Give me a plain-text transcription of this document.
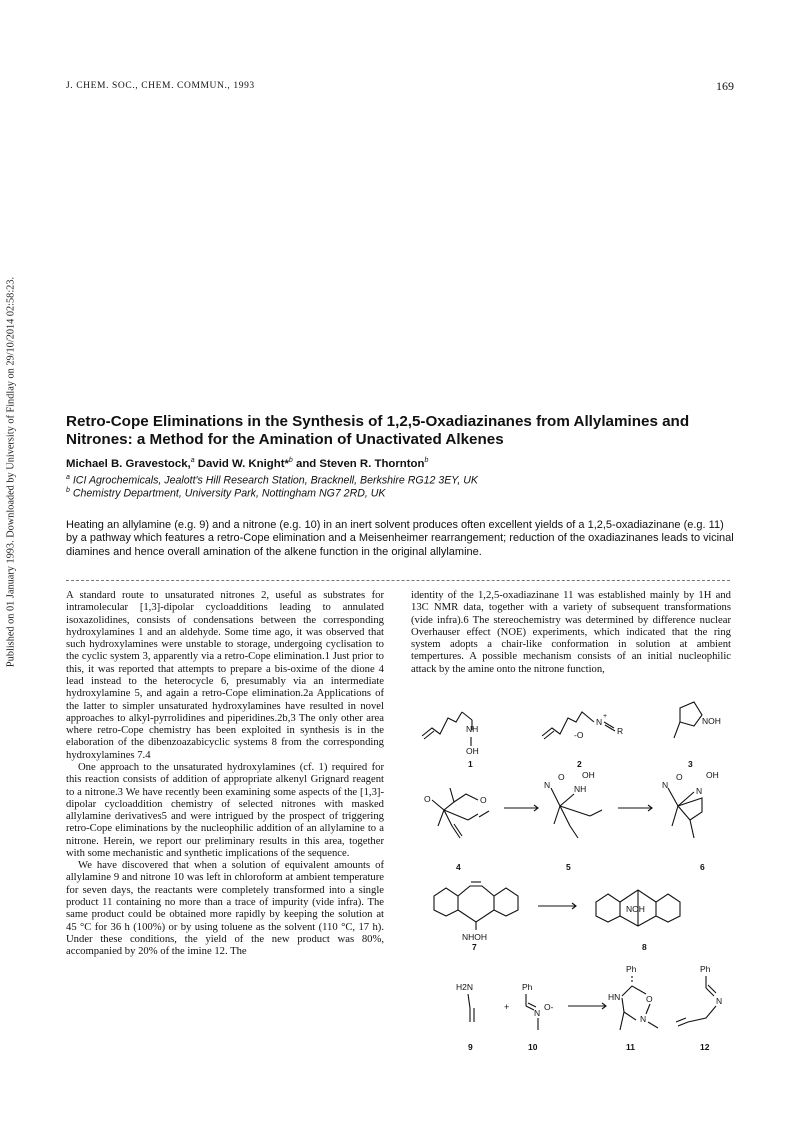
Published on 01 January 1993. Downloaded by University of Findlay on 29/10/2014 02:58:23.
J. CHEM. SOC., CHEM. COMMUN., 1993	169
Retro-Cope Eliminations in the Synthesis of 1,2,5-Oxadiazinanes from Allylamines and Nitrones: a Method for the Amination of Unactivated Alkenes
Michael B. Gravestock,$^a$ David W. Knight*$^b$ and Steven R. Thornton$^b$
$^a$ ICI Agrochemicals, Jealott's Hill Research Station, Bracknell, Berkshire RG12 3EY, UK
$^b$ Chemistry Department, University Park, Nottingham NG7 2RD, UK
Heating an allylamine (e.g. 9) and a nitrone (e.g. 10) in an inert solvent produces often excellent yields of a 1,2,5-oxadiazinane (e.g. 11) by a pathway which features a retro-Cope elimination and a Meisenheimer rearrangement; reduction of the oxadiazinanes leads to vicinal diamines and hence overall amination of the alkene function in the original allylamine.

A standard route to unsaturated nitrones 2, useful as substrates for intramolecular [1,3]-dipolar cycloadditions leading to annulated isoxazolidines, consists of condensations between the corresponding hydroxylamines 1 and an aldehyde. Some time ago, it was observed that such hydroxylamines were unstable to storage, undergoing cyclisation to the cyclic system 3, apparently via a retro-Cope elimination.1 Just prior to this, it was reported that attempts to prepare a bis-oxime of the dione 4 lead instead to the heterocycle 6, presumably via an intermediate hydroxylamine 5, and again a retro-Cope elimination.2a Applications of the latter to simpler unsaturated hydroxylamines have resulted in novel approaches to alkyl-pyrrolidines and piperidines.2b,3 The only other area where retro-Cope chemistry has been exploited in synthesis is in the elaboration of the dibenzoazabicyclic systems 8 from the corresponding hydroxylamines 7.4

One approach to the unsaturated hydroxylamines (cf. 1) required for this reaction consists of addition of appropriate alkenyl Grignard reagent to a nitrone.3 We have recently been examining some aspects of the [1,3]-dipolar cycloaddition chemistry of selected nitrones with masked allylamine derivatives5 and were intrigued by the prospect of triggering retro-Cope eliminations by the nucleophilic addition of an allylamine to a nitrone. Herein, we report our preliminary results in this area, together with some mechanistic and synthetic implications of the sequence.

We have discovered that when a solution of equivalent amounts of allylamine 9 and nitrone 10 was left in chloroform at ambient temperature for seven days, the reactants were completely transformed into a single product 11 containing no more than a trace of impurity (vide infra). The same product could be obtained more rapidly by keeping the solution at 45 °C for 36 h (100%) or by using toluene as the solvent (110 °C, 17 h). Under these conditions, the yield of the new product was 80%, accompanied by 20% of the imine 12. The

identity of the 1,2,5-oxadiazinane 11 was established mainly by 1H and 13C NMR data, together with a variety of subsequent transformations (vide infra).6 The stereochemistry was determined by difference nuclear Overhauser effect (NOE) experiments, which indicated that the ring system adopts a chair-like conformation in solution at ambient tempertures. A possible mechanism consists of an initial nucleophilic attack by the amine onto the nitrone function,

NH
OH
N
+
-O	R
NOH
1	2	3
O	O
N
O OH
NH	N
O	OH
N
4	5	6
NHOH
NOH
7	8
H2N
+
Ph
N
O-
Ph
HN	O
N
Ph
N
9	10	11	12
